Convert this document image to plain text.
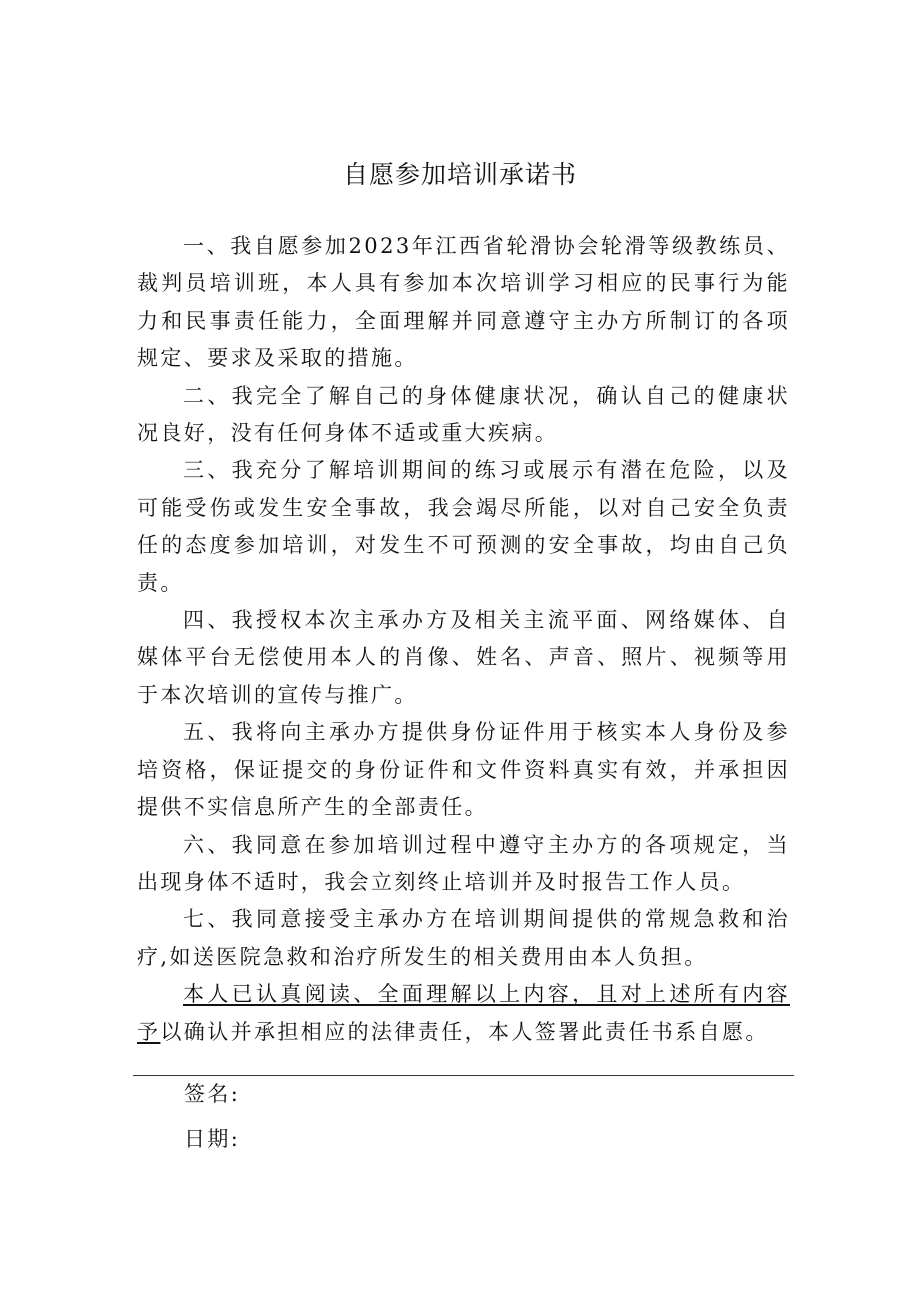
自愿参加培训承诺书

一、我自愿参加2023年江西省轮滑协会轮滑等级教练员、裁判员培训班，本人具有参加本次培训学习相应的民事行为能力和民事责任能力，全面理解并同意遵守主办方所制订的各项规定、要求及采取的措施。

二、我完全了解自己的身体健康状况，确认自己的健康状况良好，没有任何身体不适或重大疾病。

三、我充分了解培训期间的练习或展示有潜在危险，以及可能受伤或发生安全事故，我会竭尽所能，以对自己安全负责任的态度参加培训，对发生不可预测的安全事故，均由自己负责。

四、我授权本次主承办方及相关主流平面、网络媒体、自媒体平台无偿使用本人的肖像、姓名、声音、照片、视频等用于本次培训的宣传与推广。

五、我将向主承办方提供身份证件用于核实本人身份及参培资格，保证提交的身份证件和文件资料真实有效，并承担因提供不实信息所产生的全部责任。

六、我同意在参加培训过程中遵守主办方的各项规定，当出现身体不适时，我会立刻终止培训并及时报告工作人员。

七、我同意接受主承办方在培训期间提供的常规急救和治疗,如送医院急救和治疗所发生的相关费用由本人负担。

本人已认真阅读、全面理解以上内容，且对上述所有内容予以确认并承担相应的法律责任，本人签署此责任书系自愿。

签名:
日期:
